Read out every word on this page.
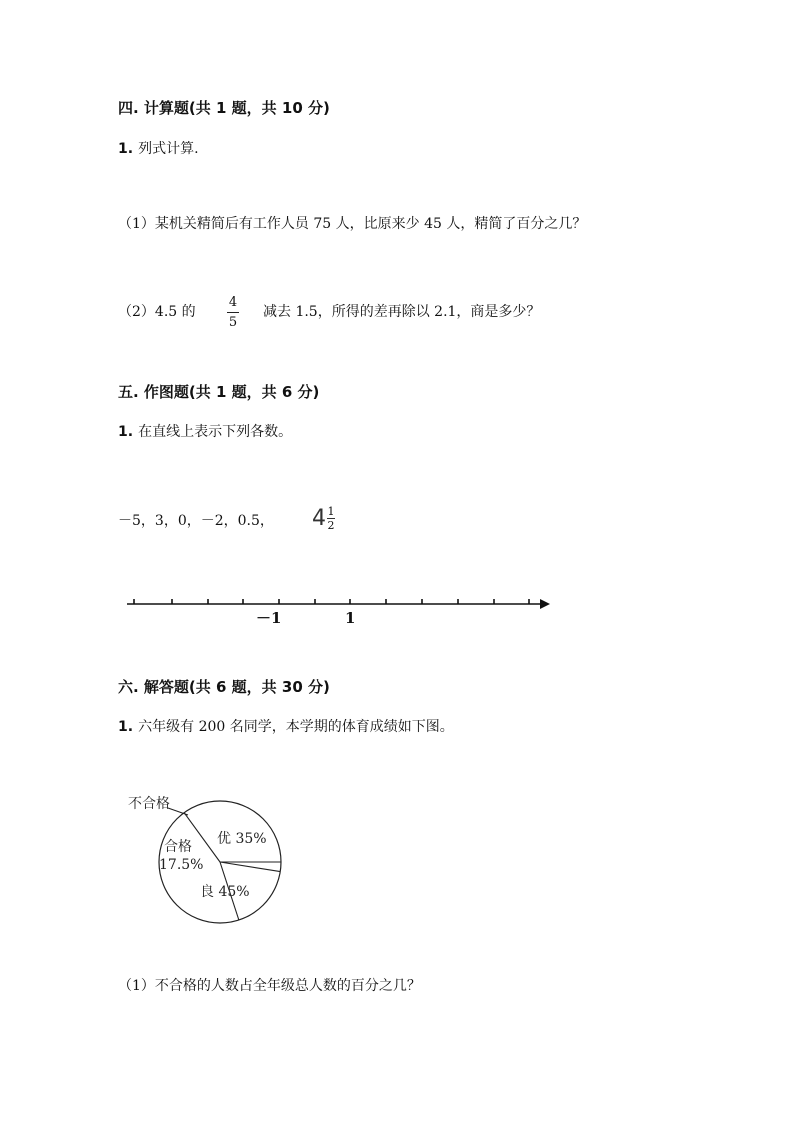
四. 计算题(共 1 题，共 10 分)
1. 列式计算.
（1）某机关精简后有工作人员 75 人，比原来少 45 人，精简了百分之几？
（2）4.5 的
4
5
减去 1.5，所得的差再除以 2.1，商是多少？
五. 作图题(共 1 题，共 6 分)
1. 在直线上表示下列各数。
－5，3，0，－2，0.5， 4 1
2
－1	1
六. 解答题(共 6 题，共 30 分)
1. 六年级有 200 名同学，本学期的体育成绩如下图。
不合格
优 35%
合格
17.5%
良 45%
（1）不合格的人数占全年级总人数的百分之几？
